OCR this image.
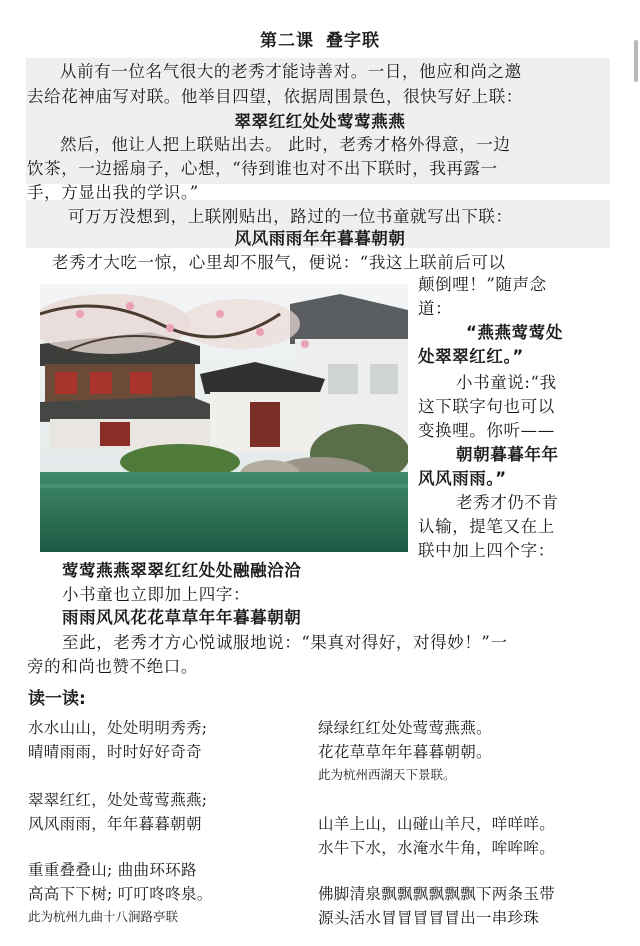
第二课 叠字联
从前有一位名气很大的老秀才能诗善对。一日，他应和尚之邀
去给花神庙写对联。他举目四望，依据周围景色，很快写好上联：
翠翠红红处处莺莺燕燕
然后，他让人把上联贴出去。 此时，老秀才格外得意，一边
饮茶，一边摇扇子，心想，“待到谁也对不出下联时，我再露一
手，方显出我的学识。”
可万万没想到，上联刚贴出，路过的一位书童就写出下联：
风风雨雨年年暮暮朝朝
老秀才大吃一惊，心里却不服气，便说：“我这上联前后可以
颠倒哩！”随声念
道：
“燕燕莺莺处
处翠翠红红。”
小书童说:“我
这下联字句也可以
变换哩。你听——
朝朝暮暮年年
风风雨雨。”
老秀才仍不肯
认输，提笔又在上
联中加上四个字：
莺莺燕燕翠翠红红处处融融洽洽
小书童也立即加上四字：
雨雨风风花花草草年年暮暮朝朝
至此，老秀才方心悦诚服地说：“果真对得好，对得妙！”一
旁的和尚也赞不绝口。
读一读:
水水山山，处处明明秀秀;
晴晴雨雨，时时好好奇奇
翠翠红红，处处莺莺燕燕;
风风雨雨，年年暮暮朝朝
重重叠叠山; 曲曲环环路
高高下下树; 叮叮咚咚泉。
此为杭州九曲十八涧路亭联
绿绿红红处处莺莺燕燕。
花花草草年年暮暮朝朝。
此为杭州西湖天下景联。
山羊上山，山碰山羊尺，咩咩咩。
水牛下水，水淹水牛角，哞哞哞。
佛脚清泉飘飘飘飘飘飘下两条玉带
源头活水冒冒冒冒冒出一串珍珠
